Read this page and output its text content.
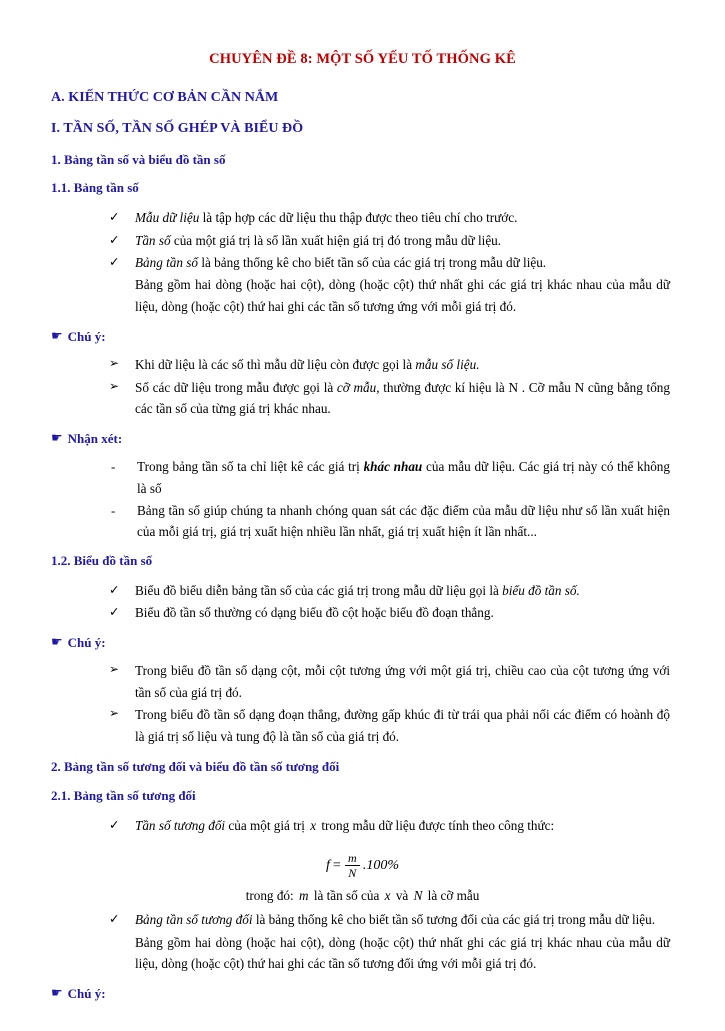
CHUYÊN ĐỀ 8: MỘT SỐ YẾU TỐ THỐNG KÊ
A. KIẾN THỨC CƠ BẢN CẦN NẮM
I. TẦN SỐ, TẦN SỐ GHÉP VÀ BIỂU ĐỒ
1. Bảng tần số và biểu đồ tần số
1.1. Bảng tần số
✓	Mẫu dữ liệu là tập hợp các dữ liệu thu thập được theo tiêu chí cho trước.
✓	Tần số của một giá trị là số lần xuất hiện giá trị đó trong mẫu dữ liệu.
✓	Bảng tần số là bảng thống kê cho biết tần số của các giá trị trong mẫu dữ liệu.
Bảng gồm hai dòng (hoặc hai cột), dòng (hoặc cột) thứ nhất ghi các giá trị khác nhau của mẫu dữ liệu, dòng (hoặc cột) thứ hai ghi các tần số tương ứng với mỗi giá trị đó.
☛ Chú ý:
➢	Khi dữ liệu là các số thì mẫu dữ liệu còn được gọi là mẫu số liệu.
➢	Số các dữ liệu trong mẫu được gọi là cỡ mẫu, thường được kí hiệu là N . Cỡ mẫu N cũng bằng tổng các tần số của từng giá trị khác nhau.
☛ Nhận xét:
-	Trong bảng tần số ta chỉ liệt kê các giá trị khác nhau của mẫu dữ liệu. Các giá trị này có thể không là số
-	Bảng tần số giúp chúng ta nhanh chóng quan sát các đặc điểm của mẫu dữ liệu như số lần xuất hiện của mỗi giá trị, giá trị xuất hiện nhiều lần nhất, giá trị xuất hiện ít lần nhất...
1.2. Biểu đồ tần số
✓	Biểu đồ biểu diễn bảng tần số của các giá trị trong mẫu dữ liệu gọi là biểu đồ tần số.
✓	Biểu đồ tần số thường có dạng biểu đồ cột hoặc biểu đồ đoạn thẳng.
☛ Chú ý:
➢	Trong biểu đồ tần số dạng cột, mỗi cột tương ứng với một giá trị, chiều cao của cột tương ứng với tần số của giá trị đó.
➢	Trong biểu đồ tần số dạng đoạn thẳng, đường gấp khúc đi từ trái qua phải nối các điểm có hoành độ là giá trị số liệu và tung độ là tần số của giá trị đó.
2. Bảng tần số tương đối và biểu đồ tần số tương đối
2.1. Bảng tần số tương đối
✓	Tần số tương đối của một giá trị x trong mẫu dữ liệu được tính theo công thức:
$f = \frac{m}{N} .100\%$
trong đó: m là tần số của x và N là cỡ mẫu
✓	Bảng tần số tương đối là bảng thống kê cho biết tần số tương đối của các giá trị trong mẫu dữ liệu.
Bảng gồm hai dòng (hoặc hai cột), dòng (hoặc cột) thứ nhất ghi các giá trị khác nhau của mẫu dữ liệu, dòng (hoặc cột) thứ hai ghi các tần số tương đối ứng với mỗi giá trị đó.
☛ Chú ý:
